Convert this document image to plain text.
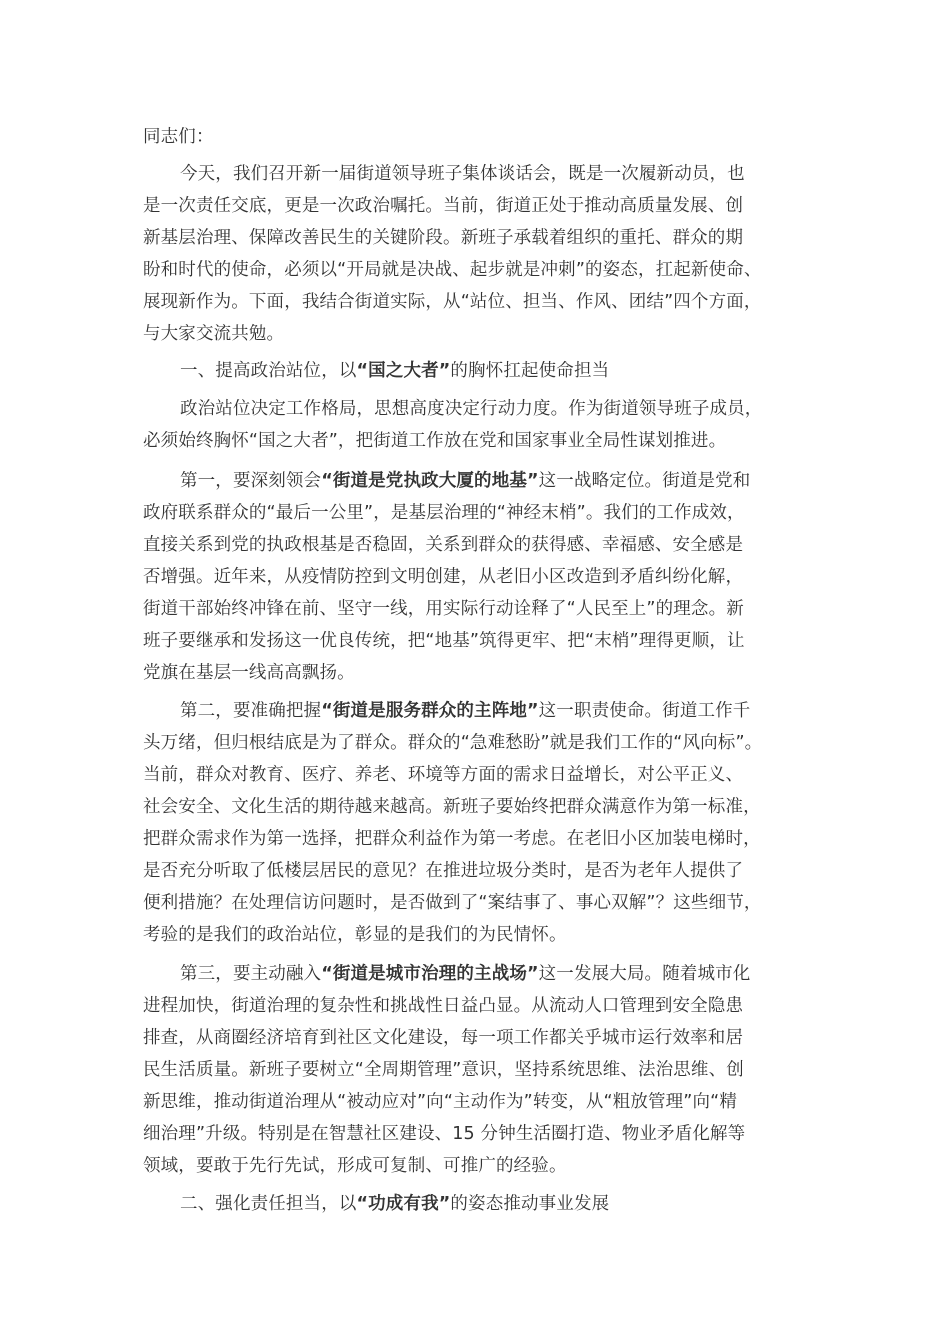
同志们：
今天，我们召开新一届街道领导班子集体谈话会，既是一次履新动员，也
是一次责任交底，更是一次政治嘱托。当前，街道正处于推动高质量发展、创
新基层治理、保障改善民生的关键阶段。新班子承载着组织的重托、群众的期
盼和时代的使命，必须以“开局就是决战、起步就是冲刺”的姿态，扛起新使命、
展现新作为。下面，我结合街道实际，从“站位、担当、作风、团结”四个方面，
与大家交流共勉。
一、提高政治站位，以“国之大者”的胸怀扛起使命担当
政治站位决定工作格局，思想高度决定行动力度。作为街道领导班子成员，
必须始终胸怀“国之大者”，把街道工作放在党和国家事业全局性谋划推进。
第一，要深刻领会“街道是党执政大厦的地基”这一战略定位。街道是党和
政府联系群众的“最后一公里”，是基层治理的“神经末梢”。我们的工作成效，
直接关系到党的执政根基是否稳固，关系到群众的获得感、幸福感、安全感是
否增强。近年来，从疫情防控到文明创建，从老旧小区改造到矛盾纠纷化解，
街道干部始终冲锋在前、坚守一线，用实际行动诠释了“人民至上”的理念。新
班子要继承和发扬这一优良传统，把“地基”筑得更牢、把“末梢”理得更顺，让
党旗在基层一线高高飘扬。
第二，要准确把握“街道是服务群众的主阵地”这一职责使命。街道工作千
头万绪，但归根结底是为了群众。群众的“急难愁盼”就是我们工作的“风向标”。
当前，群众对教育、医疗、养老、环境等方面的需求日益增长，对公平正义、
社会安全、文化生活的期待越来越高。新班子要始终把群众满意作为第一标准，
把群众需求作为第一选择，把群众利益作为第一考虑。在老旧小区加装电梯时，
是否充分听取了低楼层居民的意见？在推进垃圾分类时，是否为老年人提供了
便利措施？在处理信访问题时，是否做到了“案结事了、事心双解”？这些细节，
考验的是我们的政治站位，彰显的是我们的为民情怀。
第三，要主动融入“街道是城市治理的主战场”这一发展大局。随着城市化
进程加快，街道治理的复杂性和挑战性日益凸显。从流动人口管理到安全隐患
排查，从商圈经济培育到社区文化建设，每一项工作都关乎城市运行效率和居
民生活质量。新班子要树立“全周期管理”意识，坚持系统思维、法治思维、创
新思维，推动街道治理从“被动应对”向“主动作为”转变，从“粗放管理”向“精
细治理”升级。特别是在智慧社区建设、15 分钟生活圈打造、物业矛盾化解等
领域，要敢于先行先试，形成可复制、可推广的经验。
二、强化责任担当，以“功成有我”的姿态推动事业发展
